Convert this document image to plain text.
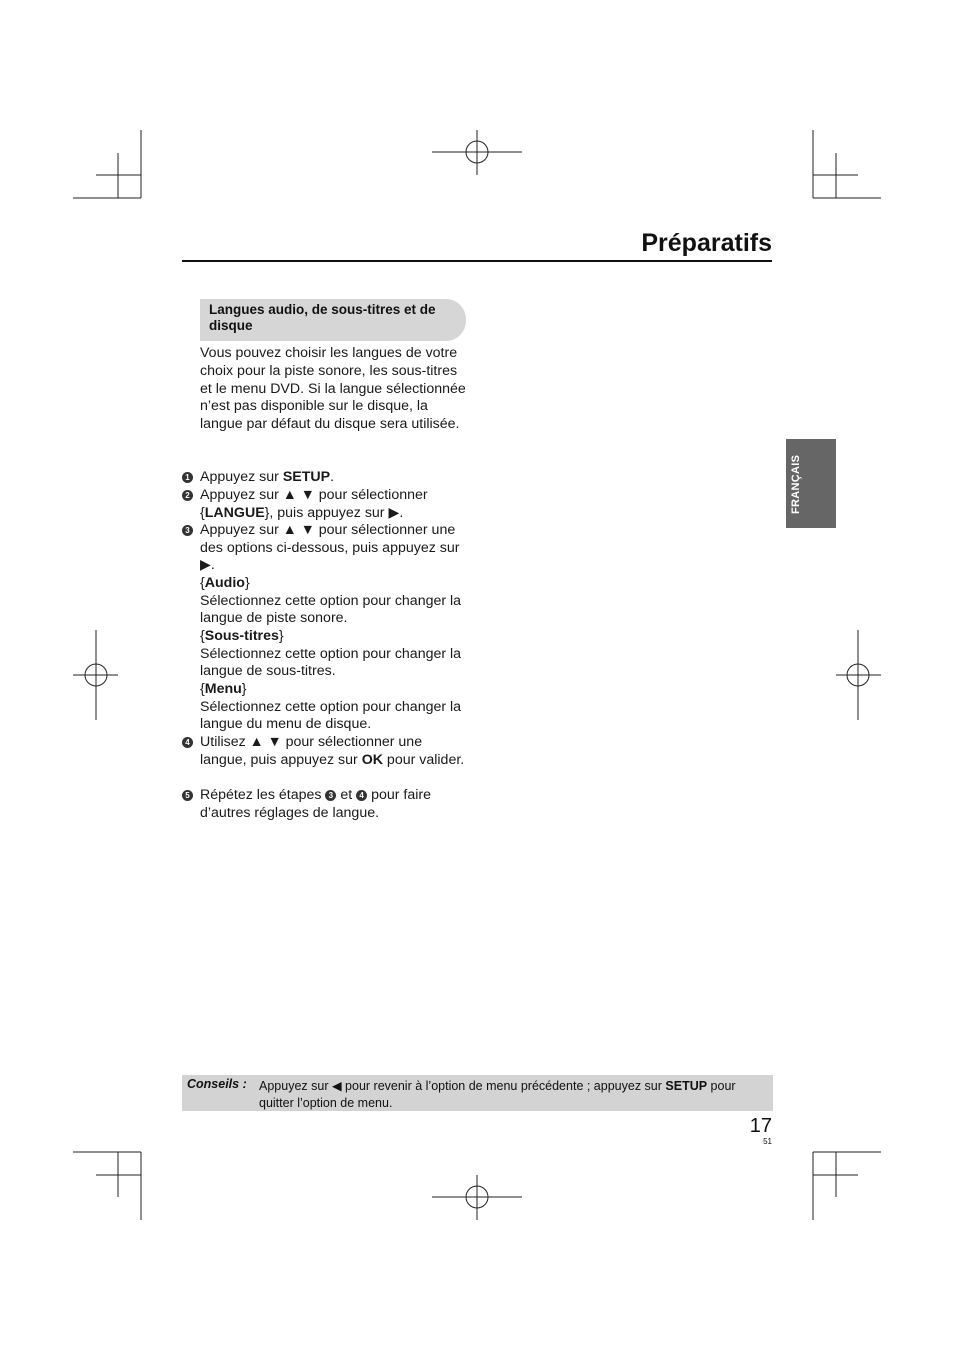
Préparatifs
Langues audio, de sous-titres et de disque
Vous pouvez choisir les langues de votre choix pour la piste sonore, les sous-titres et le menu DVD. Si la langue sélectionnée n’est pas disponible sur le disque, la langue par défaut du disque sera utilisée.
1 Appuyez sur SETUP.
2 Appuyez sur ▲ ▼ pour sélectionner {LANGUE}, puis appuyez sur ▶.
3 Appuyez sur ▲ ▼ pour sélectionner une des options ci-dessous, puis appuyez sur ▶.
{Audio}
Sélectionnez cette option pour changer la langue de piste sonore.
{Sous-titres}
Sélectionnez cette option pour changer la langue de sous-titres.
{Menu}
Sélectionnez cette option pour changer la langue du menu de disque.
4 Utilisez ▲ ▼ pour sélectionner une langue, puis appuyez sur OK pour valider.
5 Répétez les étapes 3 et 4 pour faire d’autres réglages de langue.
FRANÇAIS
Conseils : Appuyez sur ◀ pour revenir à l’option de menu précédente ; appuyez sur SETUP pour quitter l’option de menu.
17
51
